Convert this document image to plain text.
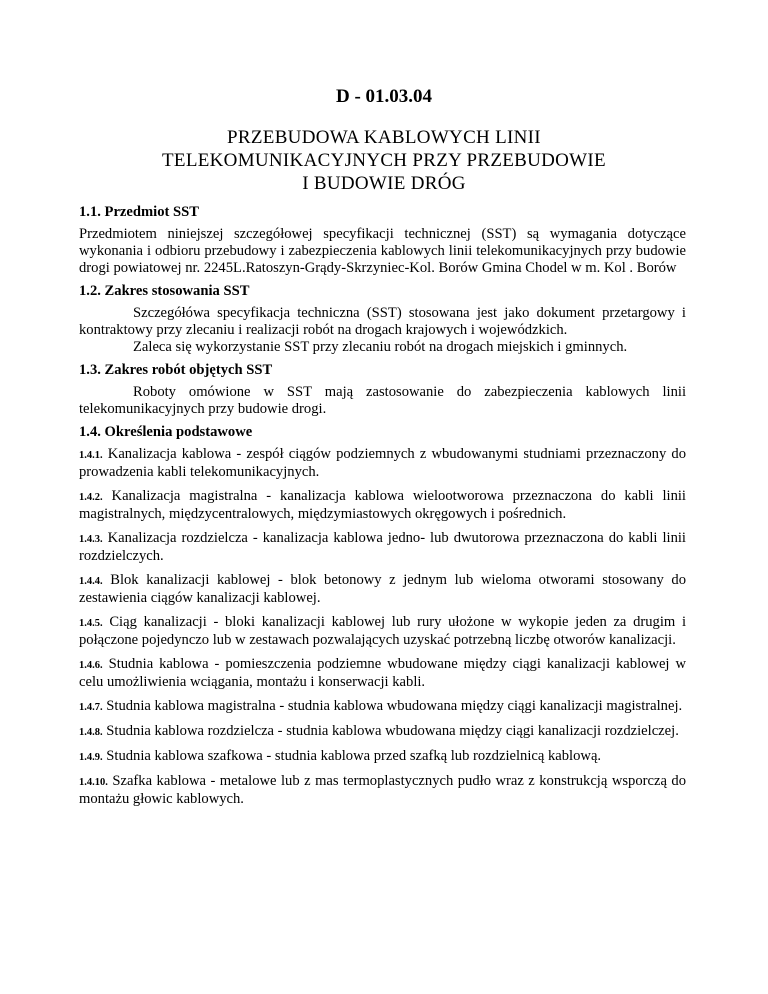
D - 01.03.04
PRZEBUDOWA KABLOWYCH LINII
TELEKOMUNIKACYJNYCH PRZY PRZEBUDOWIE
I BUDOWIE DRÓG
1.1. Przedmiot SST

Przedmiotem niniejszej szczegółowej specyfikacji technicznej (SST) są wymagania dotyczące wykonania i odbioru przebudowy i zabezpieczenia kablowych linii telekomunikacyjnych przy budowie drogi powiatowej nr. 2245L.Ratoszyn-Grądy-Skrzyniec-Kol. Borów Gmina Chodel w m. Kol . Borów

1.2. Zakres stosowania SST

Szczegółówa specyfikacja techniczna (SST) stosowana jest jako dokument przetargowy i kontraktowy przy zlecaniu i realizacji robót na drogach krajowych i wojewódzkich.

Zaleca się wykorzystanie SST przy zlecaniu robót na drogach miejskich i gminnych.

1.3. Zakres robót objętych SST

Roboty omówione w SST mają zastosowanie do zabezpieczenia kablowych linii telekomunikacyjnych przy budowie drogi.

1.4. Określenia podstawowe

1.4.1. Kanalizacja kablowa - zespół ciągów podziemnych z wbudowanymi studniami przeznaczony do prowadzenia kabli telekomunikacyjnych.

1.4.2. Kanalizacja magistralna - kanalizacja kablowa wielootworowa przeznaczona do kabli linii magistralnych, międzycentralowych, międzymiastowych okręgowych i pośrednich.

1.4.3. Kanalizacja rozdzielcza - kanalizacja kablowa jedno- lub dwutorowa przeznaczona do kabli linii rozdzielczych.

1.4.4. Blok kanalizacji kablowej - blok betonowy z jednym lub wieloma otworami stosowany do zestawienia ciągów kanalizacji kablowej.

1.4.5. Ciąg kanalizacji - bloki kanalizacji kablowej lub rury ułożone w wykopie jeden za drugim i połączone pojedynczo lub w zestawach pozwalających uzyskać potrzebną liczbę otworów kanalizacji.

1.4.6. Studnia kablowa - pomieszczenia podziemne wbudowane między ciągi kanalizacji kablowej w celu umożliwienia wciągania, montażu i konserwacji kabli.

1.4.7. Studnia kablowa magistralna - studnia kablowa wbudowana między ciągi kanalizacji magistralnej.

1.4.8. Studnia kablowa rozdzielcza - studnia kablowa wbudowana między ciągi kanalizacji rozdzielczej.

1.4.9. Studnia kablowa szafkowa - studnia kablowa przed szafką lub rozdzielnicą kablową.

1.4.10. Szafka kablowa - metalowe lub z mas termoplastycznych pudło wraz z konstrukcją wsporczą do montażu głowic kablowych.
